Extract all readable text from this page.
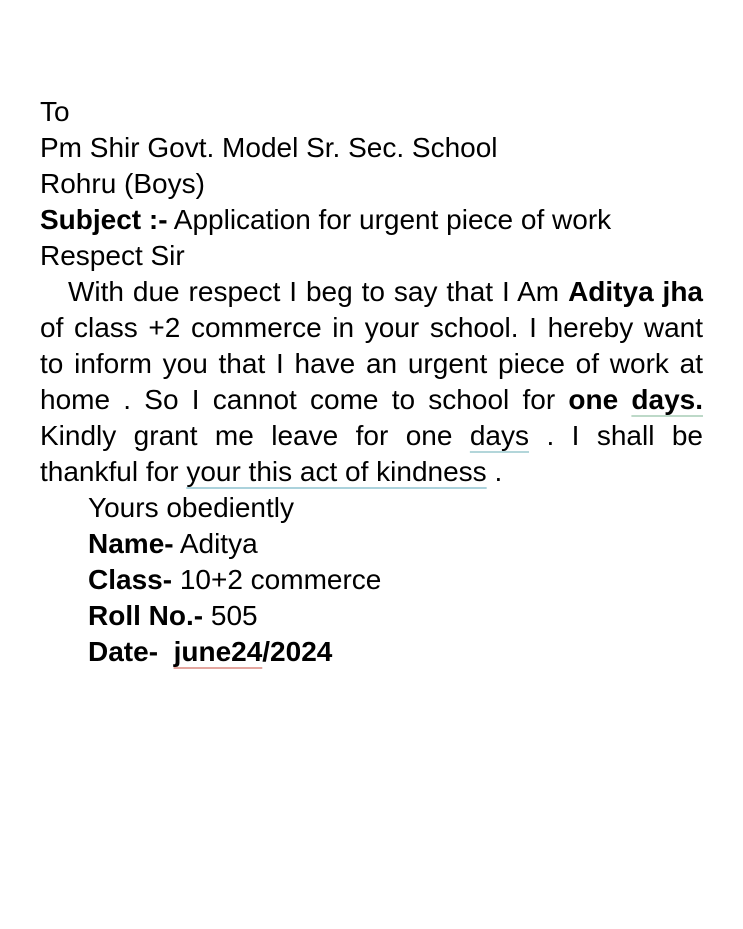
To
Pm Shir Govt. Model Sr. Sec. School
Rohru (Boys)
Subject :- Application for urgent piece of work
Respect Sir
With due respect I beg to say that I Am Aditya jha
of class +2 commerce in your school. I hereby want
to inform you that I have an urgent piece of work at
home . So I cannot come to school for one days.
Kindly grant me leave for one days . I shall be
thankful for your this act of kindness .
Yours obediently
Name- Aditya
Class- 10+2 commerce
Roll No.- 505
Date-  june24/2024
